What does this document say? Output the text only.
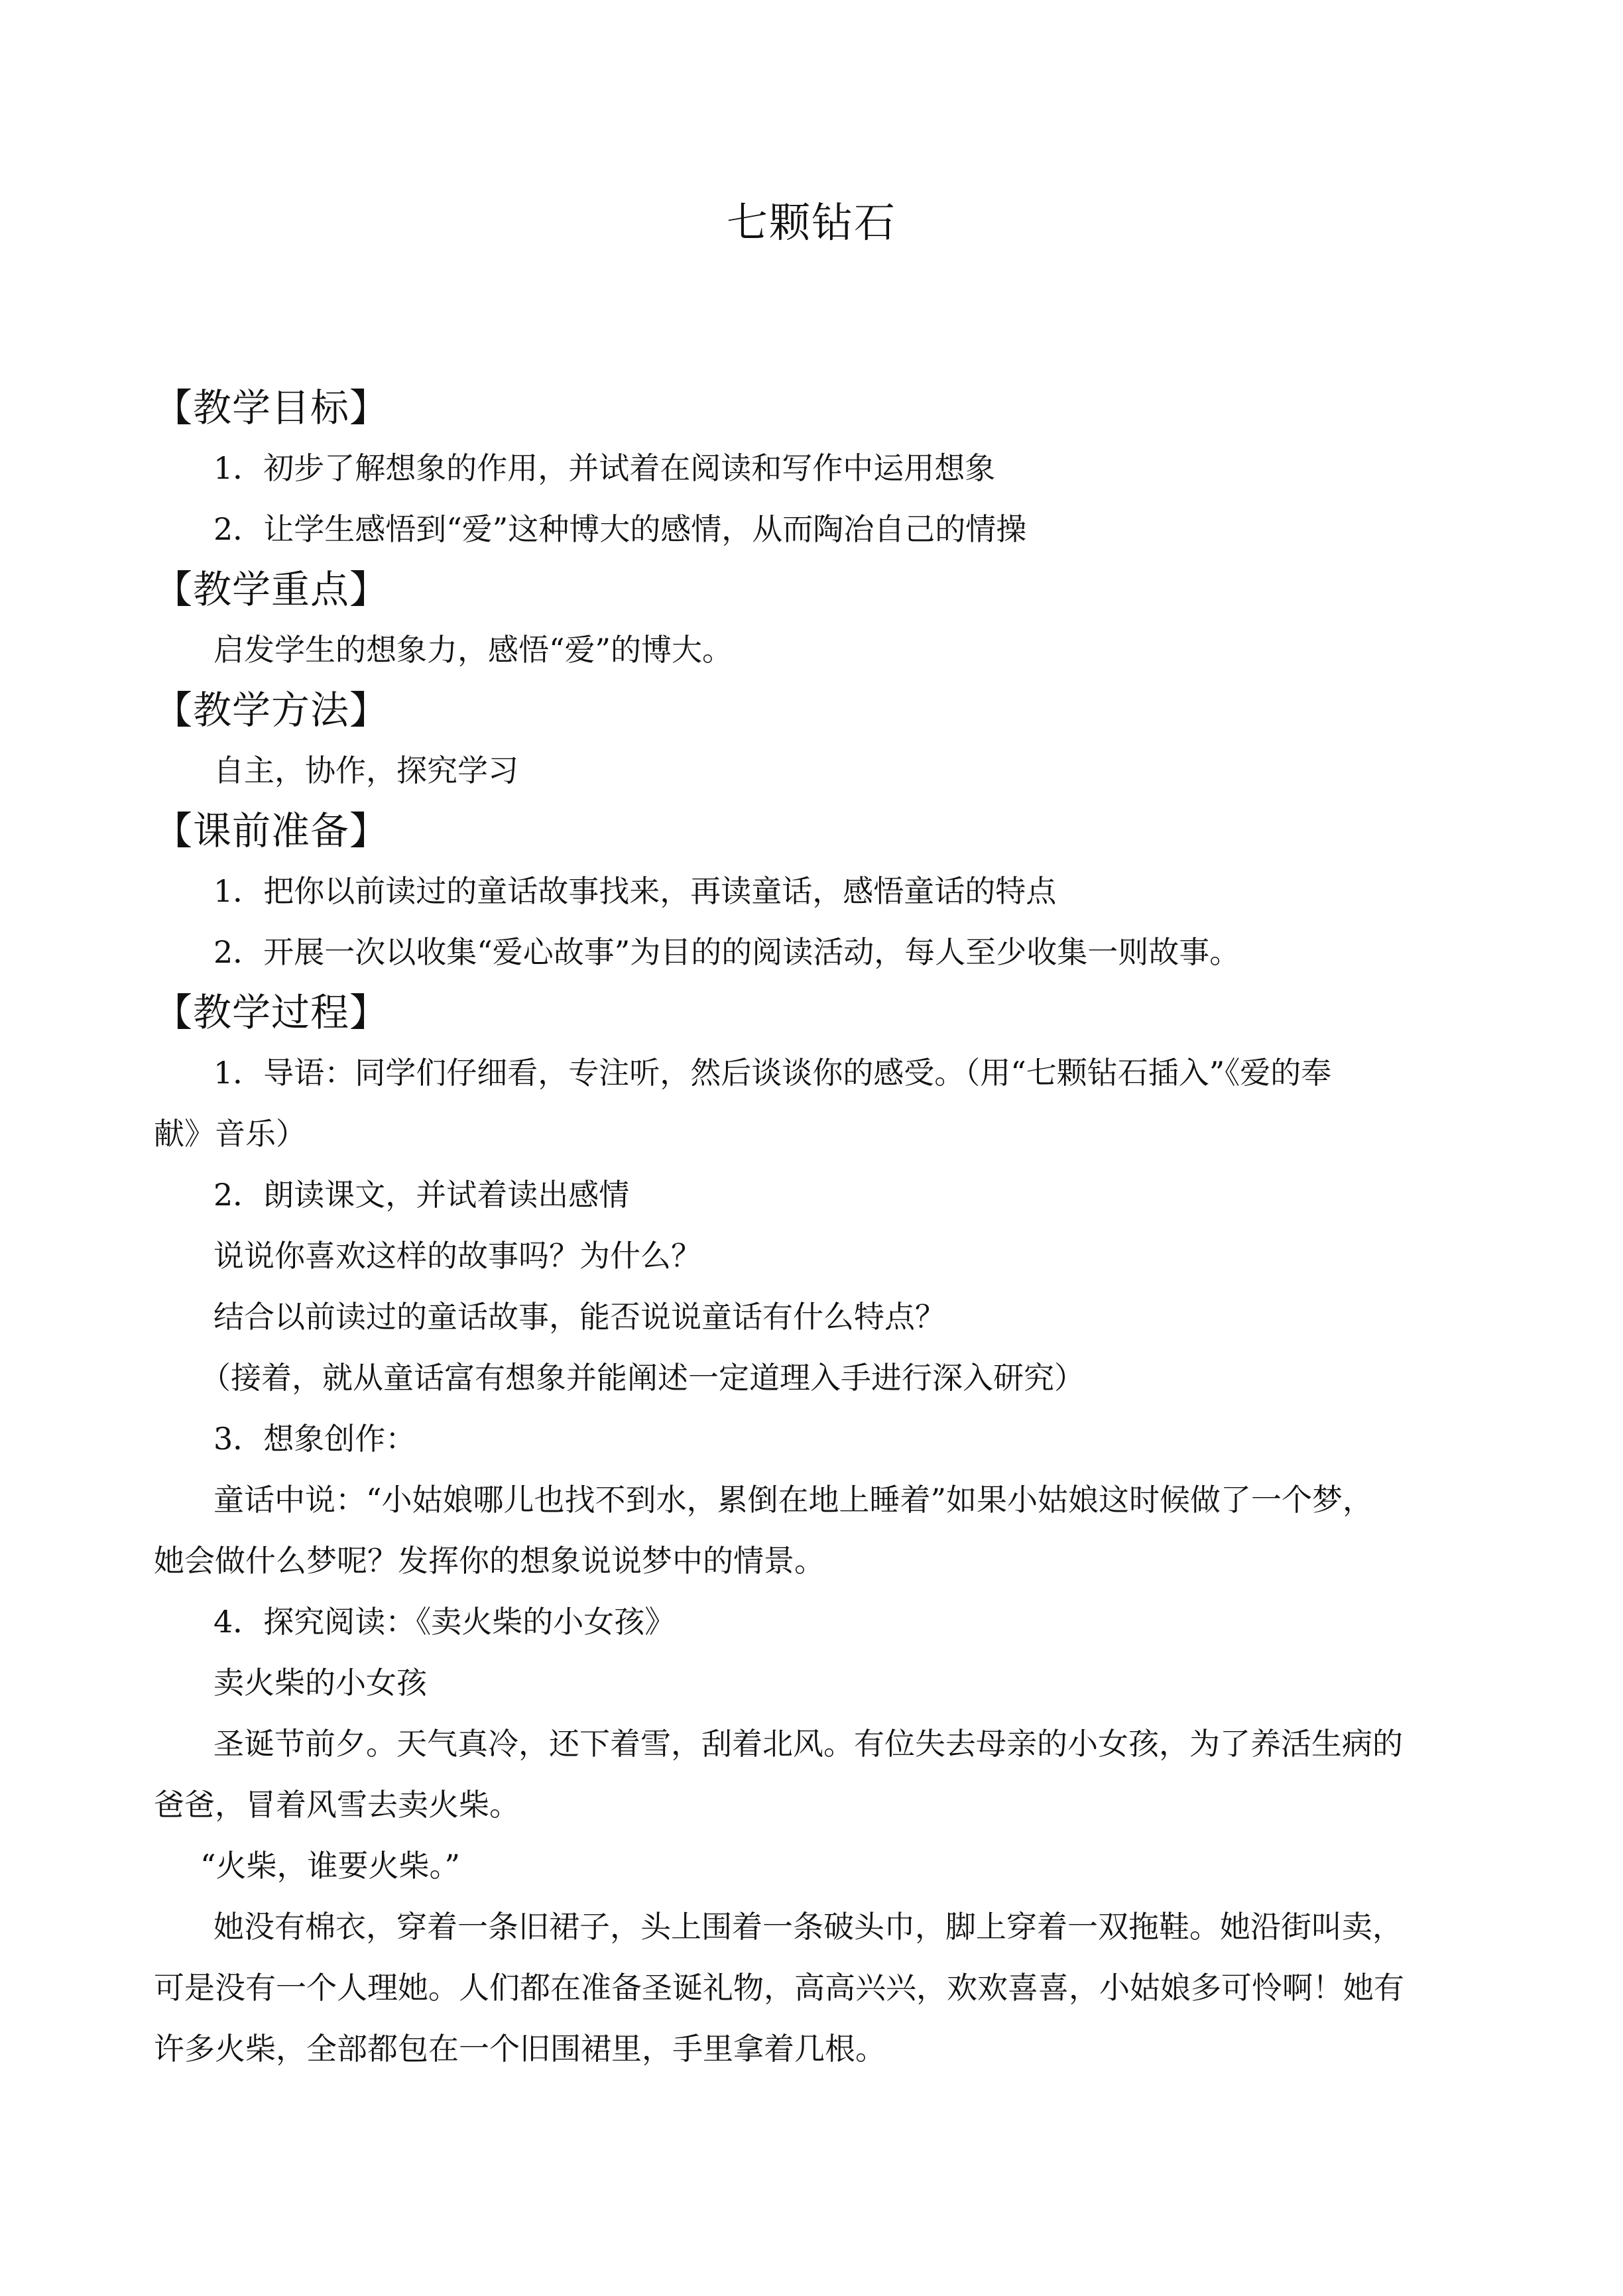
七颗钻石
【教学目标】
1．初步了解想象的作用，并试着在阅读和写作中运用想象
2．让学生感悟到“爱”这种博大的感情，从而陶冶自己的情操
【教学重点】
启发学生的想象力，感悟“爱”的博大。
【教学方法】
自主，协作，探究学习
【课前准备】
1．把你以前读过的童话故事找来，再读童话，感悟童话的特点
2．开展一次以收集“爱心故事”为目的的阅读活动，每人至少收集一则故事。
【教学过程】
1．导语：同学们仔细看，专注听，然后谈谈你的感受。（用“七颗钻石插入”《爱的奉
献》音乐）
2．朗读课文，并试着读出感情
说说你喜欢这样的故事吗？为什么？
结合以前读过的童话故事，能否说说童话有什么特点？
（接着，就从童话富有想象并能阐述一定道理入手进行深入研究）
3．想象创作：
童话中说：“小姑娘哪儿也找不到水，累倒在地上睡着”如果小姑娘这时候做了一个梦，
她会做什么梦呢？发挥你的想象说说梦中的情景。
4．探究阅读：《卖火柴的小女孩》
卖火柴的小女孩
圣诞节前夕。天气真冷，还下着雪，刮着北风。有位失去母亲的小女孩，为了养活生病的
爸爸，冒着风雪去卖火柴。
“火柴，谁要火柴。”
她没有棉衣，穿着一条旧裙子，头上围着一条破头巾，脚上穿着一双拖鞋。她沿街叫卖，
可是没有一个人理她。人们都在准备圣诞礼物，高高兴兴，欢欢喜喜，小姑娘多可怜啊！她有
许多火柴，全部都包在一个旧围裙里，手里拿着几根。
